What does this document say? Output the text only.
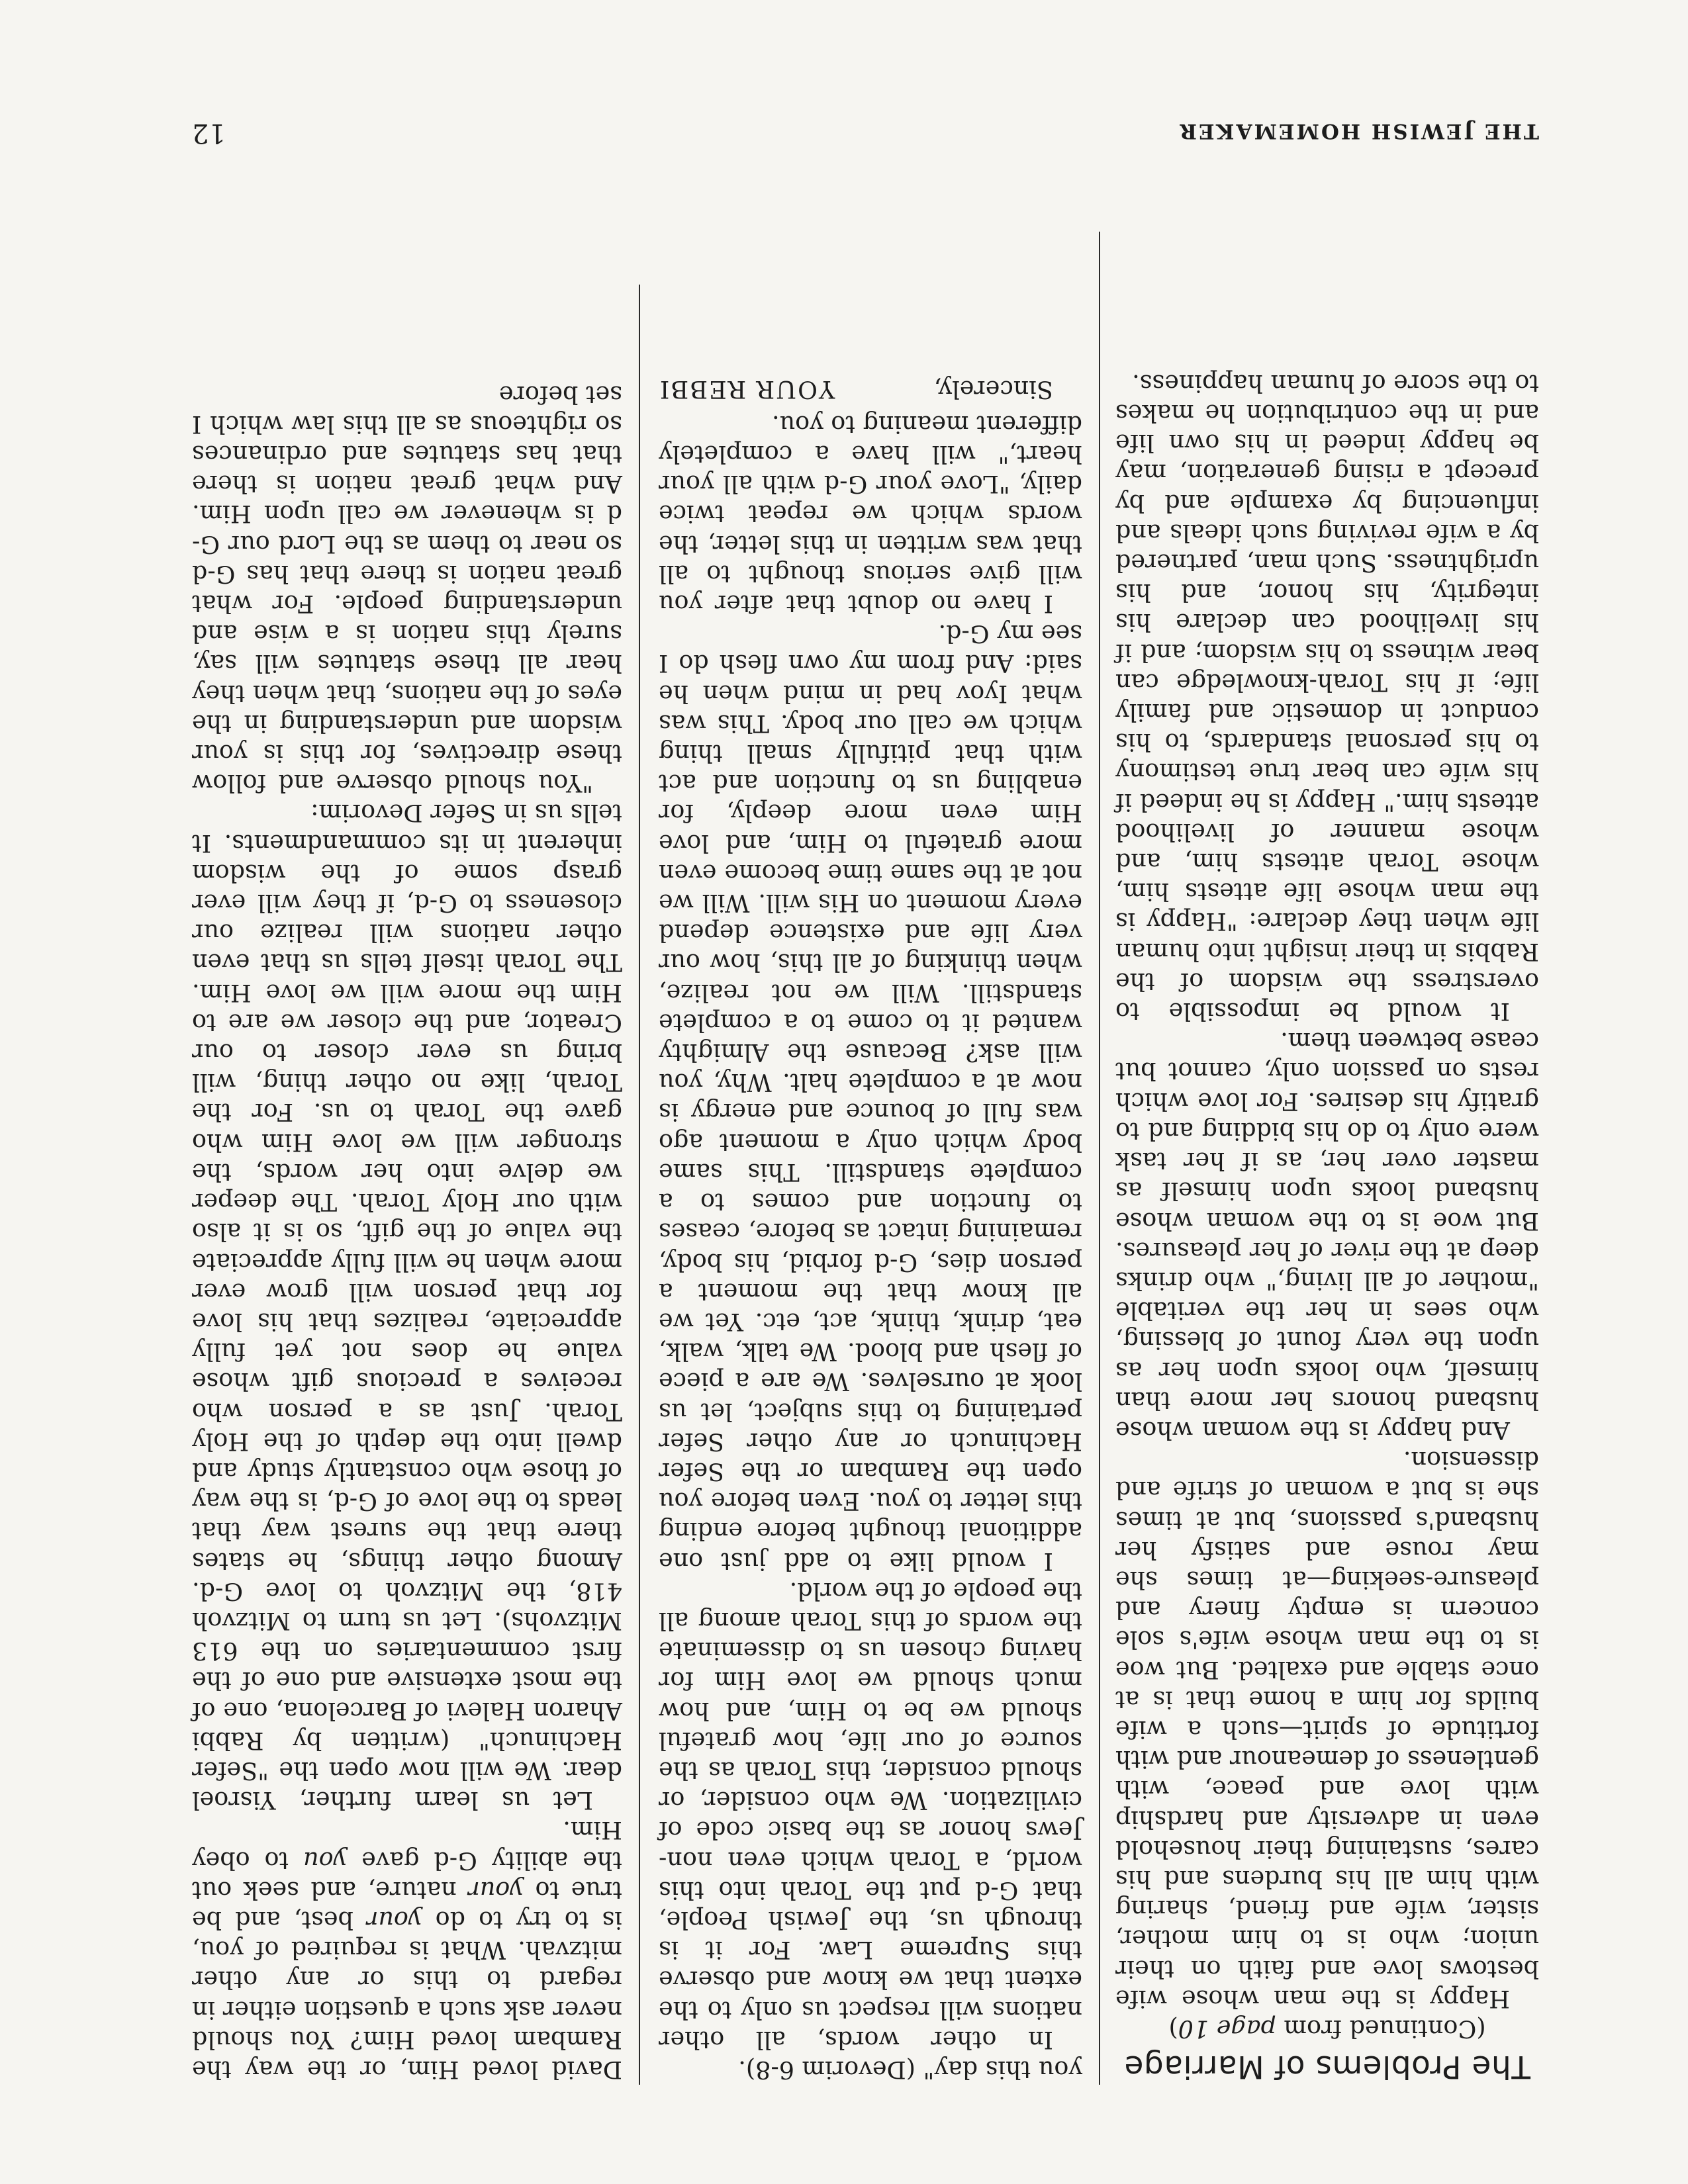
The Problems of Marriage

(Continued from page 10)

Happy is the man whose wife bestows love and faith on their union; who is to him mother, sister, wife and friend, sharing with him all his burdens and his cares, sustaining their household even in adversity and hardship with love and peace, with gentleness of demeanour and with fortitude of spirit—such a wife builds for him a home that is at once stable and exalted. But woe is to the man whose wife's sole concern is empty finery and pleasure-seeking—at times she may rouse and satisfy her husband's passions, but at times she is but a woman of strife and dissension.

And happy is the woman whose husband honors her more than himself, who looks upon her as upon the very fount of blessing, who sees in her the veritable "mother of all living," who drinks deep at the river of her pleasures. But woe is to the woman whose husband looks upon himself as master over her, as if her task were only to do his bidding and to gratify his desires. For love which rests on passion only, cannot but cease between them.

It would be impossible to overstress the wisdom of the Rabbis in their insight into human life when they declare: "Happy is the man whose life attests him, whose Torah attests him, and whose manner of livelihood attests him." Happy is he indeed if his wife can bear true testimony to his personal standards, to his conduct in domestic and family life; if his Torah-knowledge can bear witness to his wisdom; and if his livelihood can declare his integrity, his honor, and his uprightness. Such man, partnered by a wife reviving such ideals and influencing by example and by precept a rising generation, may be happy indeed in his own life and in the contribution he makes to the score of human happiness.

you this day" (Devorim 6-8).

In other words, all other nations will respect us only to the extent that we know and observe this Supreme Law. For it is through us, the Jewish People, that G-d put the Torah into this world, a Torah which even non-Jews honor as the basic code of civilization. We who consider, or should consider, this Torah as the source of our life, how grateful should we be to Him, and how much should we love Him for having chosen us to disseminate the words of this Torah among all the people of the world.

I would like to add just one additional thought before ending this letter to you. Even before you open the Rambam or the Sefer Hachinuch or any other Sefer pertaining to this subject, let us look at ourselves. We are a piece of flesh and blood. We talk, walk, eat, drink, think, act, etc. Yet we all know that the moment a person dies, G-d forbid, his body, remaining intact as before, ceases to function and comes to a complete standstill. This same body which only a moment ago was full of bounce and energy is now at a complete halt. Why, you will ask? Because the Almighty wanted it to come to a complete standstill. Will we not realize, when thinking of all this, how our very life and existence depend every moment on His will. Will we not at the same time become even more grateful to Him, and love Him even more deeply, for enabling us to function and act with that pitifully small thing which we call our body. This was what Iyov had in mind when he said: And from my own flesh do I see my G-d.

I have no doubt that after you will give serious thought to all that was written in this letter, the words which we repeat twice daily, "Love your G-d with all your heart," will have a completely different meaning to you.

Sincerely,
YOUR REBBI

David loved Him, or the way the Rambam loved Him? You should never ask such a question either in regard to this or any other mitzvah. What is required of you, is to try to do your best, and be true to your nature, and seek out the ability G-d gave you to obey Him.

Let us learn further, Yisroel dear. We will now open the "Sefer Hachinuch" (written by Rabbi Aharon Halevi of Barcelona, one of the most extensive and one of the first commentaries on the 613 Mitzvohs). Let us turn to Mitzvoh 418, the Mitzvoh to love G-d. Among other things, he states there that the surest way that leads to the love of G-d, is the way of those who constantly study and dwell into the depth of the Holy Torah. Just as a person who receives a precious gift whose value he does not yet fully appreciate, realizes that his love for that person will grow ever more when he will fully appreciate the value of the gift, so is it also with our Holy Torah. The deeper we delve into her words, the stronger will we love Him who gave the Torah to us. For the Torah, like no other thing, will bring us ever closer to our Creator, and the closer we are to Him the more will we love Him. The Torah itself tells us that even other nations will realize our closeness to G-d, if they will ever grasp some of the wisdom inherent in its commandments. It tells us in Sefer Devorim:

"You should observe and follow these directives, for this is your wisdom and understanding in the eyes of the nations, that when they hear all these statutes will say, surely this nation is a wise and understanding people. For what great nation is there that has G-d so near to them as the Lord our G-d is whenever we call upon Him. And what great nation is there that has statutes and ordinances so righteous as all this law which I set before

THE JEWISH HOMEMAKER
12
